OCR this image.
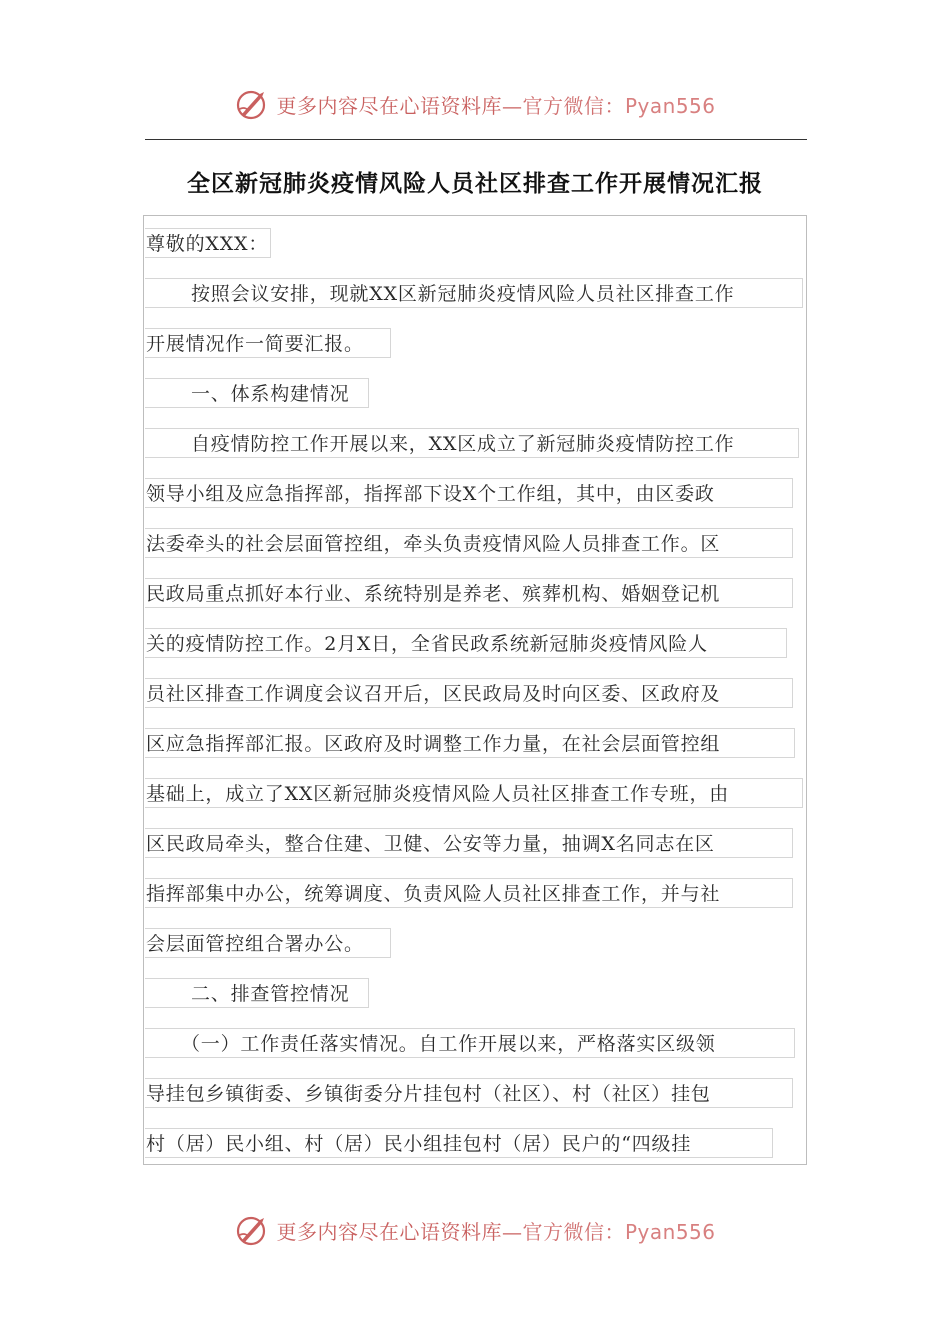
更多内容尽在心语资料库—官方微信：Pyan556
全区新冠肺炎疫情风险人员社区排查工作开展情况汇报
尊敬的XXX：
按照会议安排，现就XX区新冠肺炎疫情风险人员社区排查工作
开展情况作一简要汇报。
一、体系构建情况
自疫情防控工作开展以来，XX区成立了新冠肺炎疫情防控工作
领导小组及应急指挥部，指挥部下设X个工作组，其中，由区委政
法委牵头的社会层面管控组，牵头负责疫情风险人员排查工作。区
民政局重点抓好本行业、系统特别是养老、殡葬机构、婚姻登记机
关的疫情防控工作。2月X日，全省民政系统新冠肺炎疫情风险人
员社区排查工作调度会议召开后，区民政局及时向区委、区政府及
区应急指挥部汇报。区政府及时调整工作力量，在社会层面管控组
基础上，成立了XX区新冠肺炎疫情风险人员社区排查工作专班，由
区民政局牵头，整合住建、卫健、公安等力量，抽调X名同志在区
指挥部集中办公，统筹调度、负责风险人员社区排查工作，并与社
会层面管控组合署办公。
二、排查管控情况
（一）工作责任落实情况。自工作开展以来，严格落实区级领
导挂包乡镇街委、乡镇街委分片挂包村（社区）、村（社区）挂包
村（居）民小组、村（居）民小组挂包村（居）民户的“四级挂
更多内容尽在心语资料库—官方微信：Pyan556
